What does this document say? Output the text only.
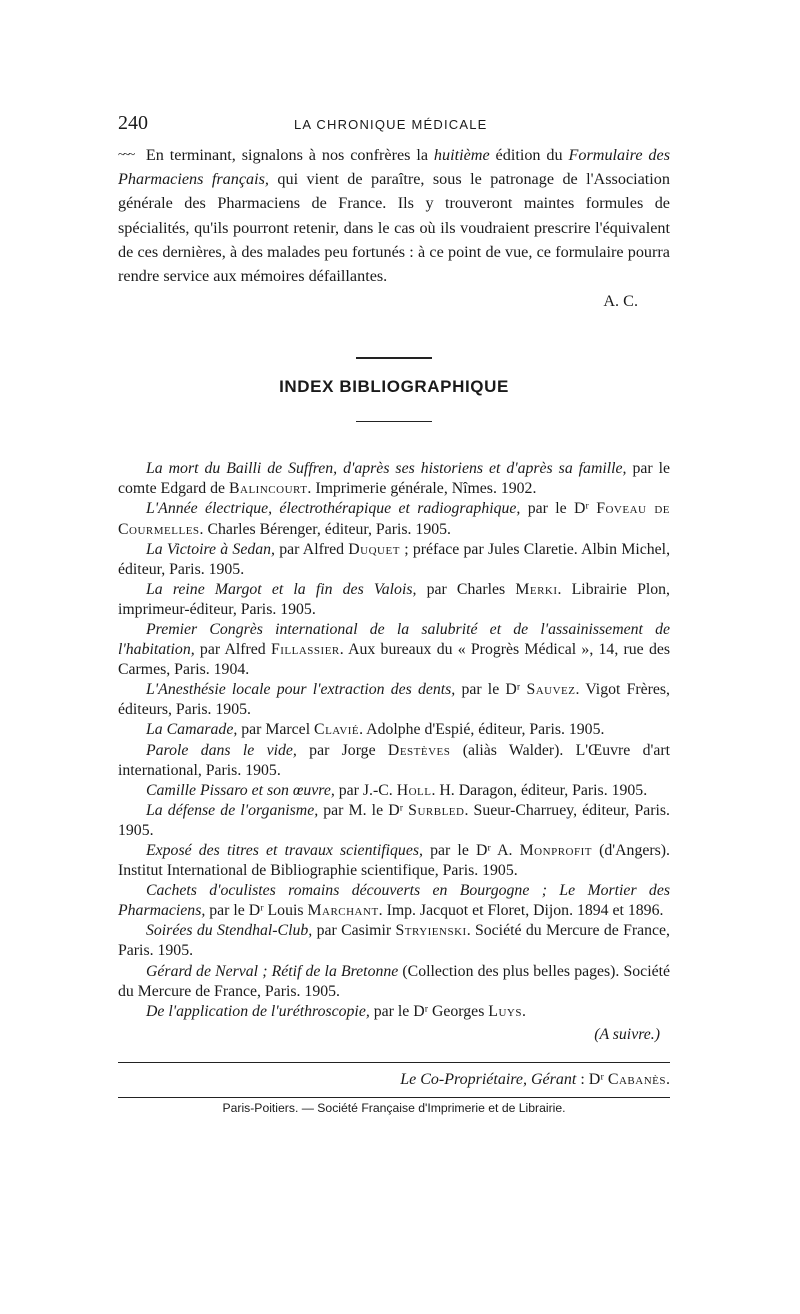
240	LA CHRONIQUE MÉDICALE

~~~ En terminant, signalons à nos confrères la huitième édition du Formulaire des Pharmaciens français, qui vient de paraître, sous le patronage de l'Association générale des Pharmaciens de France. Ils y trouveront maintes formules de spécialités, qu'ils pourront retenir, dans le cas où ils voudraient prescrire l'équivalent de ces dernières, à des malades peu fortunés : à ce point de vue, ce formulaire pourra rendre service aux mémoires défaillantes.

A. C.
INDEX BIBLIOGRAPHIQUE

La mort du Bailli de Suffren, d'après ses historiens et d'après sa famille, par le comte Edgard de Balincourt. Imprimerie générale, Nîmes. 1902.

L'Année électrique, électrothérapique et radiographique, par le Dʳ Foveau de Courmelles. Charles Bérenger, éditeur, Paris. 1905.

La Victoire à Sedan, par Alfred Duquet ; préface par Jules Claretie. Albin Michel, éditeur, Paris. 1905.

La reine Margot et la fin des Valois, par Charles Merki. Librairie Plon, imprimeur-éditeur, Paris. 1905.

Premier Congrès international de la salubrité et de l'assainissement de l'habitation, par Alfred Fillassier. Aux bureaux du « Progrès Médical », 14, rue des Carmes, Paris. 1904.

L'Anesthésie locale pour l'extraction des dents, par le Dʳ Sauvez. Vigot Frères, éditeurs, Paris. 1905.

La Camarade, par Marcel Clavié. Adolphe d'Espié, éditeur, Paris. 1905.

Parole dans le vide, par Jorge Destèves (aliàs Walder). L'Œuvre d'art international, Paris. 1905.

Camille Pissaro et son œuvre, par J.-C. Holl. H. Daragon, éditeur, Paris. 1905.

La défense de l'organisme, par M. le Dʳ Surbled. Sueur-Charruey, éditeur, Paris. 1905.

Exposé des titres et travaux scientifiques, par le Dʳ A. Monprofit (d'Angers). Institut International de Bibliographie scientifique, Paris. 1905.

Cachets d'oculistes romains découverts en Bourgogne ; Le Mortier des Pharmaciens, par le Dʳ Louis Marchant. Imp. Jacquot et Floret, Dijon. 1894 et 1896.

Soirées du Stendhal-Club, par Casimir Stryienski. Société du Mercure de France, Paris. 1905.

Gérard de Nerval ; Rétif de la Bretonne (Collection des plus belles pages). Société du Mercure de France, Paris. 1905.

De l'application de l'uréthroscopie, par le Dʳ Georges Luys.

(A suivre.)
Le Co-Propriétaire, Gérant : Dʳ Cabanès.
Paris-Poitiers. — Société Française d'Imprimerie et de Librairie.
